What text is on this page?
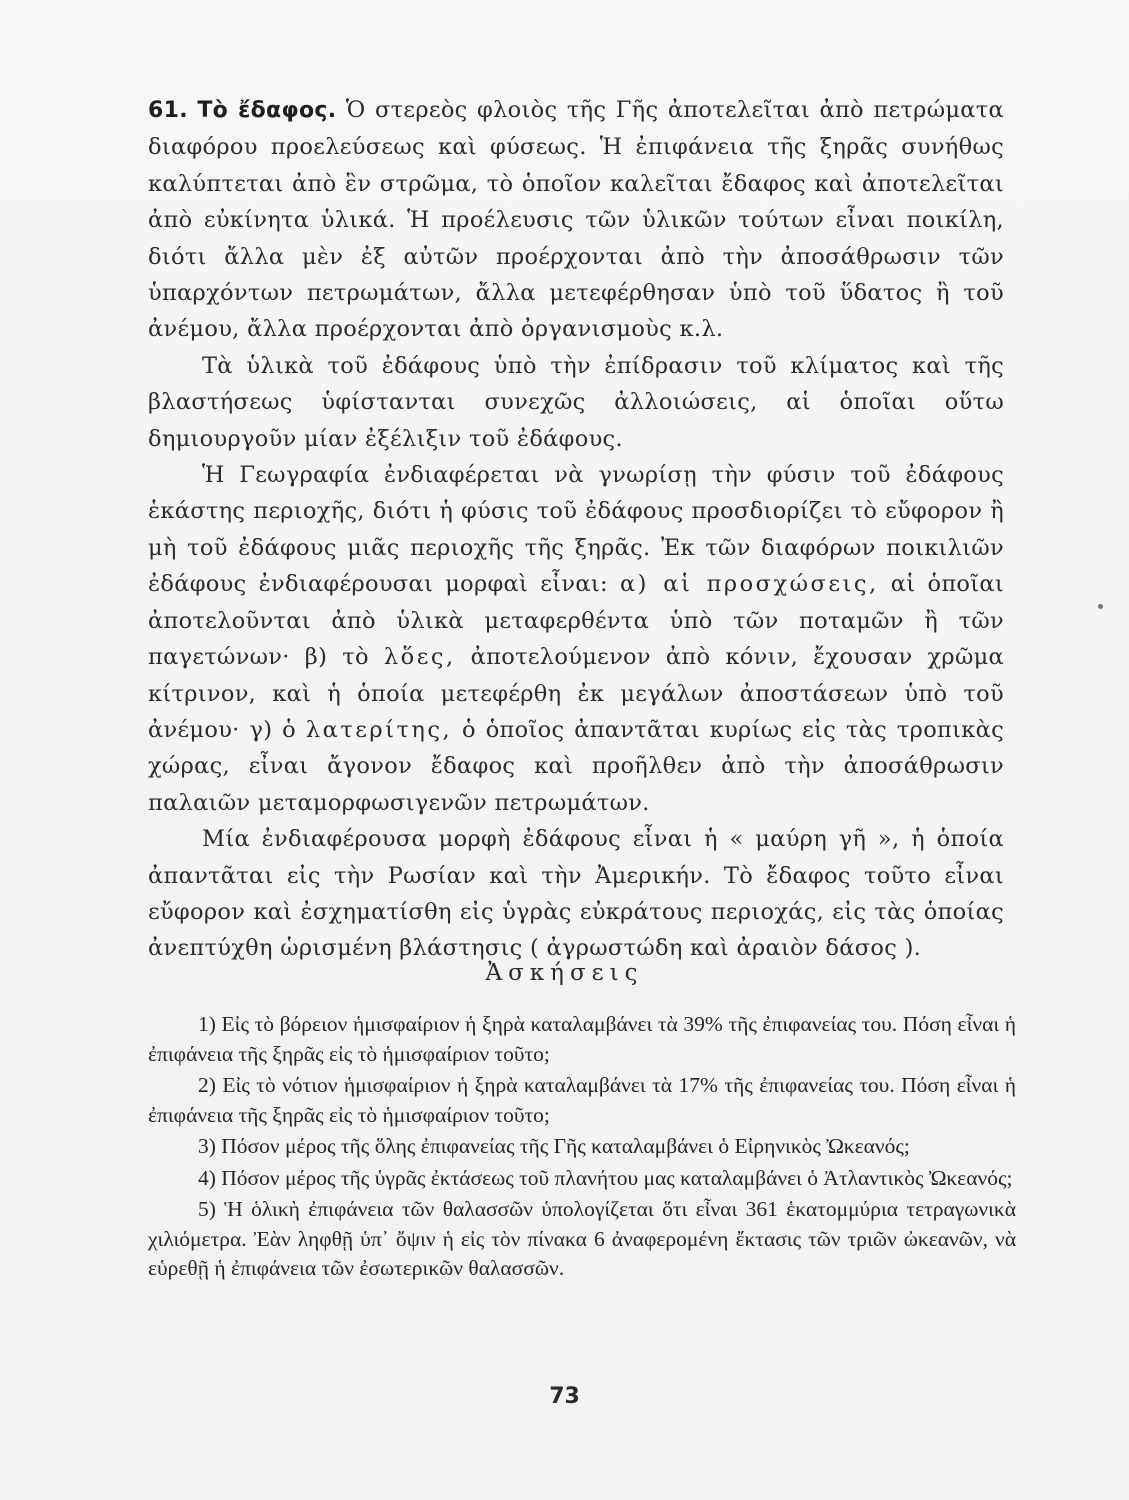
61. Τὸ ἔδαφος. Ὁ στερεὸς φλοιὸς τῆς Γῆς ἀποτελεῖται ἀπὸ πετρώματα διαφόρου προελεύσεως καὶ φύσεως. Ἡ ἐπιφάνεια τῆς ξηρᾶς συνήθως καλύπτεται ἀπὸ ἓν στρῶμα, τὸ ὁποῖον καλεῖται ἔδαφος καὶ ἀποτελεῖται ἀπὸ εὐκίνητα ὑλικά. Ἡ προέλευσις τῶν ὑλικῶν τούτων εἶναι ποικίλη, διότι ἄλλα μὲν ἐξ αὐτῶν προέρχονται ἀπὸ τὴν ἀποσάθρωσιν τῶν ὑπαρχόντων πετρωμάτων, ἄλλα μετεφέρθησαν ὑπὸ τοῦ ὕδατος ἢ τοῦ ἀνέμου, ἄλλα προέρχονται ἀπὸ ὀργανισμοὺς κ.λ.

Τὰ ὑλικὰ τοῦ ἐδάφους ὑπὸ τὴν ἐπίδρασιν τοῦ κλίματος καὶ τῆς βλαστήσεως ὑφίστανται συνεχῶς ἀλλοιώσεις, αἱ ὁποῖαι οὕτω δημιουργοῦν μίαν ἐξέλιξιν τοῦ ἐδάφους.

Ἡ Γεωγραφία ἐνδιαφέρεται νὰ γνωρίσῃ τὴν φύσιν τοῦ ἐδάφους ἑκάστης περιοχῆς, διότι ἡ φύσις τοῦ ἐδάφους προσδιορίζει τὸ εὔφορον ἢ μὴ τοῦ ἐδάφους μιᾶς περιοχῆς τῆς ξηρᾶς. Ἐκ τῶν διαφόρων ποικιλιῶν ἐδάφους ἐνδιαφέρουσαι μορφαὶ εἶναι: α) αἱ προσχώσεις, αἱ ὁποῖαι ἀποτελοῦνται ἀπὸ ὑλικὰ μεταφερθέντα ὑπὸ τῶν ποταμῶν ἢ τῶν παγετώνων· β) τὸ λὅες, ἀποτελούμενον ἀπὸ κόνιν, ἔχουσαν χρῶμα κίτρινον, καὶ ἡ ὁποία μετεφέρθη ἐκ μεγάλων ἀποστάσεων ὑπὸ τοῦ ἀνέμου· γ) ὁ λατερίτης, ὁ ὁποῖος ἀπαντᾶται κυρίως εἰς τὰς τροπικὰς χώρας, εἶναι ἄγονον ἔδαφος καὶ προῆλθεν ἀπὸ τὴν ἀποσάθρωσιν παλαιῶν μεταμορφωσιγενῶν πετρωμάτων.

Μία ἐνδιαφέρουσα μορφὴ ἐδάφους εἶναι ἡ « μαύρη γῆ », ἡ ὁποία ἀπαντᾶται εἰς τὴν Ρωσίαν καὶ τὴν Ἀμερικήν. Τὸ ἔδαφος τοῦτο εἶναι εὔφορον καὶ ἐσχηματίσθη εἰς ὑγρὰς εὐκράτους περιοχάς, εἰς τὰς ὁποίας ἀνεπτύχθη ὡρισμένη βλάστησις ( ἀγρωστώδη καὶ ἀραιὸν δάσος ).

Ἀσκήσεις

1) Εἰς τὸ βόρειον ἡμισφαίριον ἡ ξηρὰ καταλαμβάνει τὰ 39% τῆς ἐπιφανείας του. Πόση εἶναι ἡ ἐπιφάνεια τῆς ξηρᾶς εἰς τὸ ἡμισφαίριον τοῦτο;

2) Εἰς τὸ νότιον ἡμισφαίριον ἡ ξηρὰ καταλαμβάνει τὰ 17% τῆς ἐπιφανείας του. Πόση εἶναι ἡ ἐπιφάνεια τῆς ξηρᾶς εἰς τὸ ἡμισφαίριον τοῦτο;

3) Πόσον μέρος τῆς ὅλης ἐπιφανείας τῆς Γῆς καταλαμβάνει ὁ Εἰρηνικὸς Ὠκεανός;

4) Πόσον μέρος τῆς ὑγρᾶς ἐκτάσεως τοῦ πλανήτου μας καταλαμβάνει ὁ Ἀτλαντικὸς Ὠκεανός;

5) Ἡ ὁλικὴ ἐπιφάνεια τῶν θαλασσῶν ὑπολογίζεται ὅτι εἶναι 361 ἑκατομμύρια τετραγωνικὰ χιλιόμετρα. Ἐὰν ληφθῇ ὑπ᾽ ὄψιν ἡ εἰς τὸν πίνακα 6 ἀναφερομένη ἔκτασις τῶν τριῶν ὠκεανῶν, νὰ εὑρεθῇ ἡ ἐπιφάνεια τῶν ἐσωτερικῶν θαλασσῶν.

73
